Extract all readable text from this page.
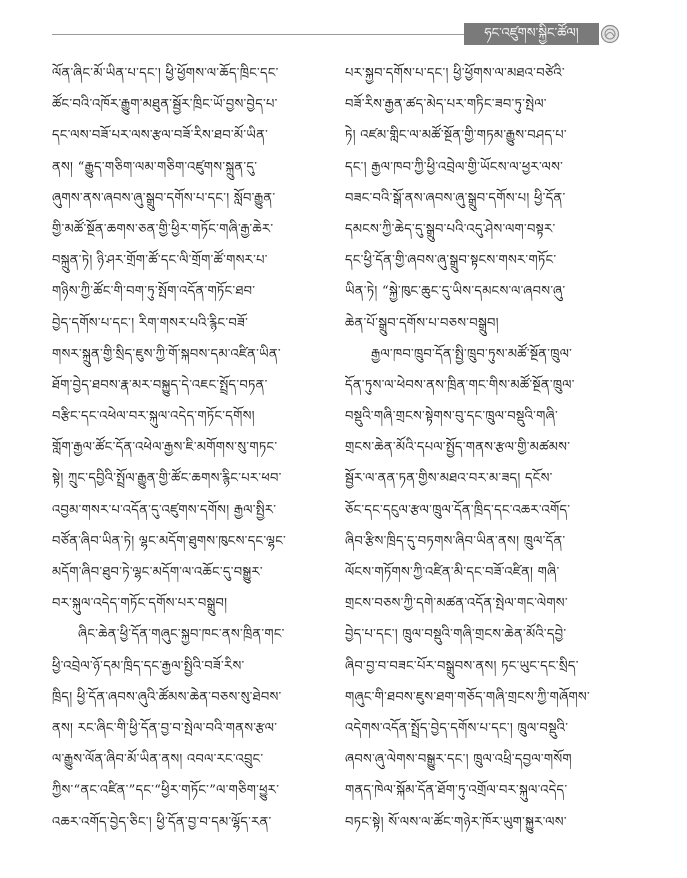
ཧང་འཛུགས་སྐྱིང་ཚོལ།
ལོན་ཞིང་མོ་ཡིན་པ་དང་། ཕྱི་ཕྱོགས་ལ་ཆོད་ཁྲིང་དང་
ཚོང་བའི་འཁོར་རྒྱུག་མཐུན་སྦྱོར་ཁྲིང་ཡོ་བྱས་བྱེད་པ་
དང་ལས་བཟོ་པར་ལས་རྩལ་བཟོ་རིས་ཐབ་མོ་ཡིན་
ནས། “རྒྱུད་གཅིག་ལམ་གཅིག་འཛུགས་སྐྲུན་དུ་
ཞུགས་ནས་ཞབས་ཞུ་སྒྲུབ་དགོས་པ་དང་། སློབ་རྒྱུན་
གྱི་མཚོ་སྔོན་ཆགས་ཅན་གྱི་ཕྱིར་གཏོང་གཞི་རྒྱ་ཆེར་
བསྐྲུན་ཏེ། ཉི་ཤར་གྲོག་ཚོ་དང་ལི་གྲོག་ཚོ་གསར་པ་
གཉིས་ཀྱི་ཚོང་གི་བག་ཏུ་སྤོག་འདོན་གཏོང་ཐབ་
བྱེད་དགོས་པ་དང་། རིག་གསར་པའི་རྙིང་བཟོ་
གསར་སྐྲུན་གྱི་སྲིད་ཇུས་ཀྱི་གོ་སྐབས་དམ་འཛིན་ཡིན་
ཐོག་བྱེད་ཐབས་རྣ་མར་བསྐྱུད་དེ་འཇང་སྤྲོད་བཏན་
བརྩིང་དང་འཕེལ་བར་སྐུལ་འདེད་གཏོང་དགོས།
གློག་རྒྱལ་ཚོང་དོན་འཕེལ་རྒྱས་ཇི་མགོགས་སུ་གཏང་
སྟེ། ཀྲུང་དབྱིའི་སྤྲོལ་རྒྱུན་གྱི་ཚོང་ཆགས་རྙིང་པར་ཕབ་
འབྱམ་གསར་པ་འདོན་དུ་འཛུགས་དགོས། རྒྱལ་སྤྱིར་
བཙོན་ཞིབ་ཡིན་ཏེ། ལྷང་མདོག་ཐུགས་ཁུངས་དང་ལྷང་
མདོག་ཞིབ་ཐུབ་ཏེ་ལྷང་མདོག་ལ་འཆོང་དུ་བསྒྱུར་
བར་སྐུལ་འདེད་གཏོང་དགོས་པར་བསྒྲུབ།
ཞིང་ཆེན་ཕྱི་དོན་གཞུང་སྐྱབ་ཁང་ནས་ཁྲིན་གང་
ཕྱི་འབྲེལ་ཉོ་དམ་ཁྲིད་དང་རྒྱལ་སྤྱིའི་བཟོ་རིས་
ཁྲིད། ཕྱི་དོན་ཞབས་ཞུའི་ཚོམས་ཆེན་བཅས་སུ་ཐེབས་
ནས། རང་ཞིང་གི་ཕྱི་དོན་བྱ་བ་སྤེལ་བའི་གནས་རྩལ་
ལ་རྒྱུས་ལོན་ཞིབ་མོ་ཡིན་ནས། འབལ་རང་འབྲུང་
ཀྱིས་“ནང་འཛིན་”དང་“ཕྱིར་གཏོང་”ལ་གཅིག་ཕྱུར་
འཆར་འགོད་བྱེད་ཅིང་། ཕྱི་དོན་བྱ་བ་དམ་ལྷོད་རན་
པར་སྐྱབ་དགོས་པ་དང་། ཕྱི་ཕྱོགས་ལ་མཐའ་བཙེའི་
བཟོ་རིས་རྒྱན་ཚད་མེད་པར་གཏིང་ཟབ་ཏུ་སྤེལ་
ཏེ། འཛམ་གླིང་ལ་མཚོ་སྔོན་གྱི་གཏམ་རྒྱུས་བཤད་པ་
དང་། རྒྱལ་ཁབ་ཀྱི་ཕྱི་འབྲེལ་གྱི་ཡོངས་ལ་ཕྱར་ལས་
བཟང་བའི་སྒོ་ནས་ཞབས་ཞུ་སྒྲུབ་དགོས་པ། ཕྱི་དོན་
དམངས་ཀྱི་ཆེད་དུ་སྒྲུབ་པའི་འདུ་ཤེས་ལག་བསྟར་
དང་ཕྱི་དོན་གྱི་ཞབས་ཞུ་སྒྲུབ་སྟངས་གསར་གཏོང་
ཡིན་ཏེ། “སྐྱེ་ཁུང་ཆུང་དུ་ཡིས་དམངས་ལ་ཞབས་ཞུ་
ཆེན་པོ་སྒྲུབ་དགོས་པ་བཅས་བསྒྲུབ།
རྒྱལ་ཁབ་ཁྲུབ་དོན་སྤྱི་ཁྲུབ་ཏུས་མཚོ་སྔོན་ཁྲུལ་
དོན་ཏུས་ལ་ཕེབས་ནས་ཁྲིན་གང་གིས་མཚོ་སྔོན་ཁྲུལ་
བསྡུའི་གཞི་གྲངས་སྟེགས་བུ་དང་ཁྲུལ་བསྡུའི་གཞི་
གྲངས་ཆེན་མོའི་དཔལ་སྤྱོད་གནས་རྩལ་གྱི་མཚམས་
སྦྱོར་ལ་ནན་ཏན་གྱིས་མཐའ་བར་མ་ཟད། དངོས་
ཅོང་དང་དངུལ་རྩལ་ཁྲུལ་དོན་ཁྲིད་དང་འཆར་འགོད་
ཞིབ་རྩིས་ཁྲིད་དུ་བཏགས་ཞིབ་ཡིན་ནས། ཁྲུལ་དོན་
ལོངས་གཏོགས་ཀྱི་འཛིན་མི་དང་བཟོ་འཛིན། གཞི་
གྲངས་བཅས་ཀྱི་དགེ་མཚན་འདོན་སྤེལ་གང་ལེགས་
བྱེད་པ་དང་། ཁྲུལ་བསྡུའི་གཞི་གྲངས་ཆེན་མོའི་དབྱེ་
ཞིབ་བྱ་བ་བཟང་པོར་བསྒྲུབས་ནས། ཏང་ཡུང་དང་སྲིད་
གཞུང་གི་ཐབས་ཇུས་ཐག་གཅོད་གཞི་གྲངས་ཀྱི་གཞོགས་
འདེགས་འདོན་སྤྲོད་བྱེད་དགོས་པ་དང་། ཁྲུལ་བསྡུའི་
ཞབས་ཞུ་ལེགས་བསྒྱུར་དང་། ཁྲུལ་འཕྲི་དབྱལ་གསོག
གནད་ཁེལ་སྐོམ་དོན་ཐོག་ཏུ་འགྲོལ་བར་སྐུལ་འདེད་
བཏང་སྟེ། སོ་ལས་ལ་ཚོང་གཉེར་ཁོར་ཡུག་སྐྱུར་ལས་
